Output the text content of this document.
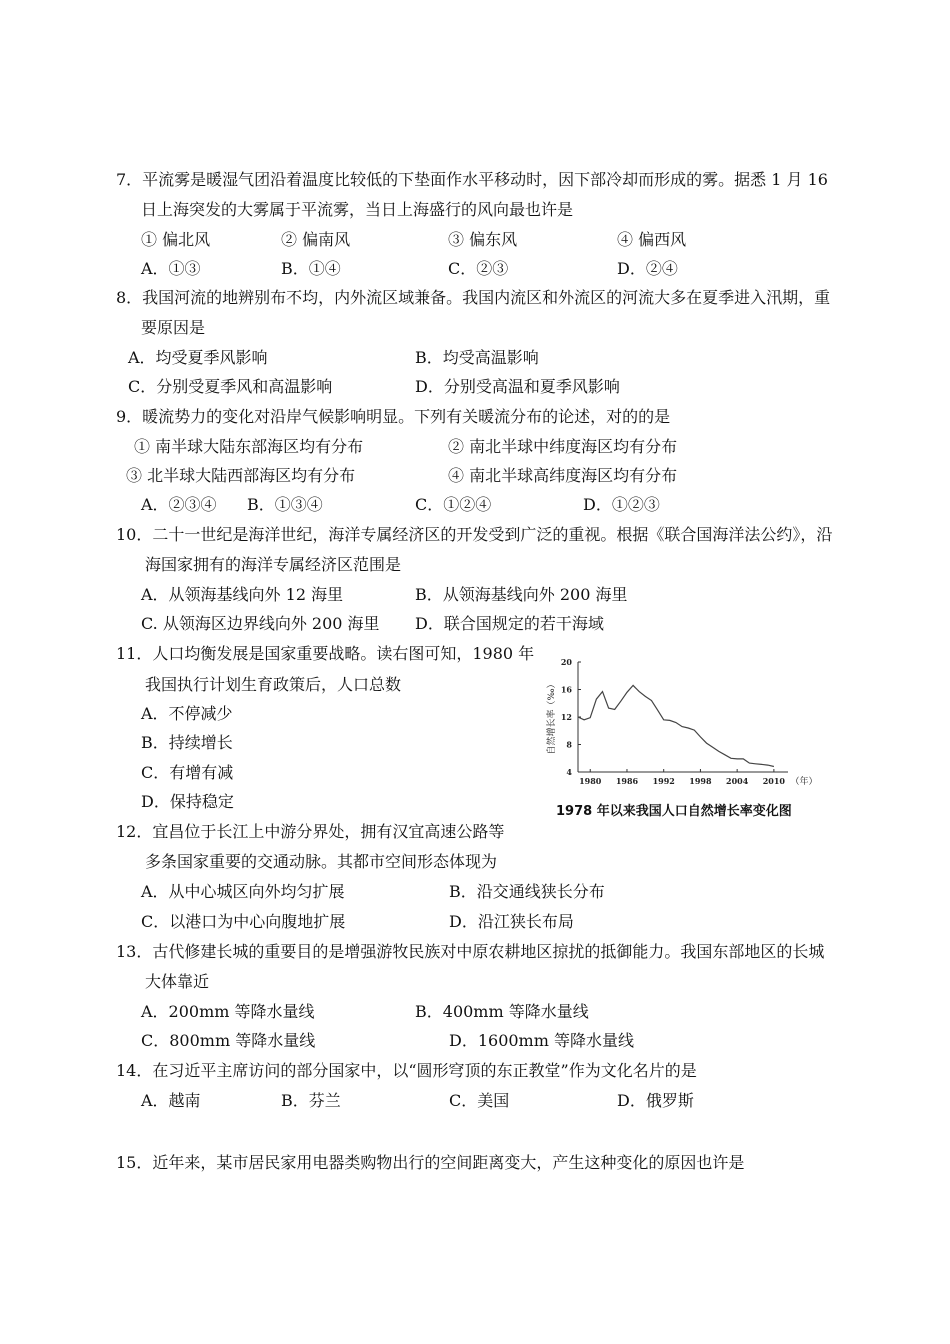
7．平流雾是暖湿气团沿着温度比较低的下垫面作水平移动时，因下部冷却而形成的雾。据悉 1 月 16
日上海突发的大雾属于平流雾，当日上海盛行的风向最也许是
① 偏北风	② 偏南风	③ 偏东风	④ 偏西风
A．①③	B．①④	C．②③	D．②④
8．我国河流的地辨别布不均，内外流区域兼备。我国内流区和外流区的河流大多在夏季进入汛期，重
要原因是
A．均受夏季风影响	B．均受高温影响
C．分别受夏季风和高温影响	D．分别受高温和夏季风影响
9．暖流势力的变化对沿岸气候影响明显。下列有关暖流分布的论述，对的的是
① 南半球大陆东部海区均有分布	② 南北半球中纬度海区均有分布
③ 北半球大陆西部海区均有分布	④ 南北半球高纬度海区均有分布
A．②③④ B．①③④	C．①②④	D．①②③
10．二十一世纪是海洋世纪，海洋专属经济区的开发受到广泛的重视。根据《联合国海洋法公约》，沿
海国家拥有的海洋专属经济区范围是
A．从领海基线向外 12 海里	B．从领海基线向外 200 海里
C. 从领海区边界线向外 200 海里 D．联合国规定的若干海域
11．人口均衡发展是国家重要战略。读右图可知，1980 年
我国执行计划生育政策后，人口总数
A．不停减少
B．持续增长
C．有增有减
D．保持稳定
4
8
12
16
20
1980 1986 1992 1998 2004 2010 （年）
自然增长率（‰）
1978 年以来我国人口自然增长率变化图
12．宜昌位于长江上中游分界处，拥有汉宜高速公路等
多条国家重要的交通动脉。其都市空间形态体现为
A．从中心城区向外均匀扩展	B．沿交通线狭长分布
C．以港口为中心向腹地扩展	D．沿江狭长布局
13．古代修建长城的重要目的是增强游牧民族对中原农耕地区掠扰的抵御能力。我国东部地区的长城
大体靠近
A．200mm 等降水量线	B．400mm 等降水量线
C．800mm 等降水量线	D．1600mm 等降水量线
14．在习近平主席访问的部分国家中，以“圆形穹顶的东正教堂”作为文化名片的是
A．越南	B．芬兰	C．美国	D．俄罗斯
15．近年来，某市居民家用电器类购物出行的空间距离变大，产生这种变化的原因也许是
